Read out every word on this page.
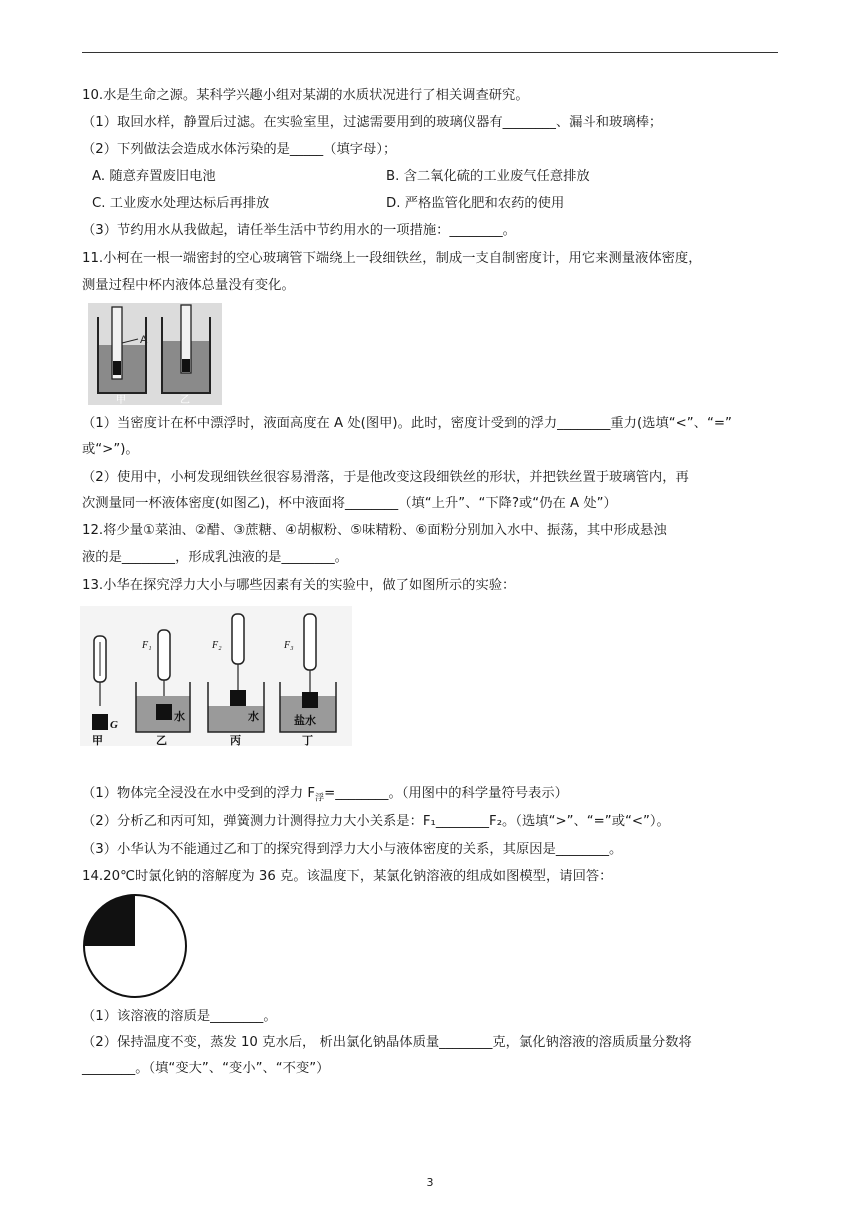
10.水是生命之源。某科学兴趣小组对某湖的水质状况进行了相关调查研究。
（1）取回水样，静置后过滤。在实验室里，过滤需要用到的玻璃仪器有________、漏斗和玻璃棒；
（2）下列做法会造成水体污染的是_____（填字母）；
A. 随意弃置废旧电池	B. 含二氧化硫的工业废气任意排放
C. 工业废水处理达标后再排放	D. 严格监管化肥和农药的使用
（3）节约用水从我做起，请任举生活中节约用水的一项措施：________。
11.小柯在一根一端密封的空心玻璃管下端绕上一段细铁丝，制成一支自制密度计，用它来测量液体密度，
测量过程中杯内液体总量没有变化。
A
甲	乙
（1）当密度计在杯中漂浮时，液面高度在 A 处(图甲)。此时，密度计受到的浮力________重力(选填“<”、“=”
或“>”)。
（2）使用中，小柯发现细铁丝很容易滑落，于是他改变这段细铁丝的形状，并把铁丝置于玻璃管内，再
次测量同一杯液体密度(如图乙)，杯中液面将________（填“上升”、“下降?或“仍在 A 处”）
12.将少量①菜油、②醋、③蔗糖、④胡椒粉、⑤味精粉、⑥面粉分别加入水中、振荡，其中形成悬浊
液的是________，形成乳浊液的是________。
13.小华在探究浮力大小与哪些因素有关的实验中，做了如图所示的实验：
G
F₁
水
F₂
水
F₃
盐水
甲	乙	丙	丁
（1）物体完全浸没在水中受到的浮力 $F_浮=\_\_\_\_\_\_\_\_$。（用图中的科学量符号表示）
（2）分析乙和丙可知，弹簧测力计测得拉力大小关系是：F₁________F₂。（选填“>”、“=”或“<”）。
（3）小华认为不能通过乙和丁的探究得到浮力大小与液体密度的关系，其原因是________。
14.20℃时氯化钠的溶解度为 36 克。该温度下，某氯化钠溶液的组成如图模型，请回答：
（1）该溶液的溶质是________。
（2）保持温度不变，蒸发 10 克水后， 析出氯化钠晶体质量________克，氯化钠溶液的溶质质量分数将
________。（填“变大”、“变小”、“不变”）
3
